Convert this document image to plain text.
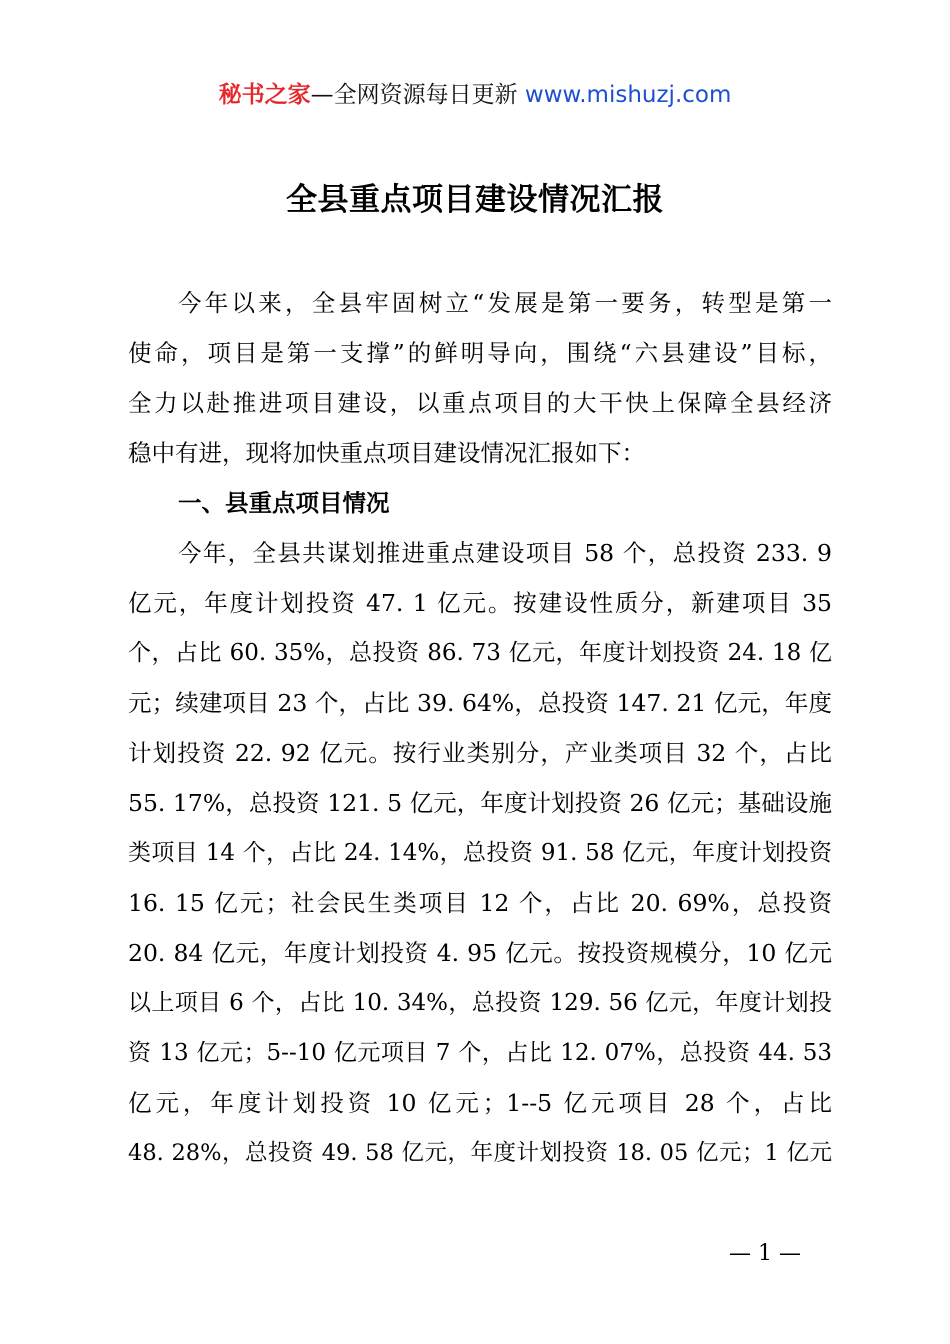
秘书之家—全网资源每日更新 www.mishuzj.com
全县重点项目建设情况汇报
今年以来，全县牢固树立“发展是第一要务，转型是第一
使命，项目是第一支撑”的鲜明导向，围绕“六县建设”目标，
全力以赴推进项目建设，以重点项目的大干快上保障全县经济
稳中有进，现将加快重点项目建设情况汇报如下：
一、县重点项目情况
今年，全县共谋划推进重点建设项目 58 个，总投资 233. 9
亿元，年度计划投资 47. 1 亿元。按建设性质分，新建项目 35
个，占比 60. 35%，总投资 86. 73 亿元，年度计划投资 24. 18 亿
元；续建项目 23 个，占比 39. 64%，总投资 147. 21 亿元，年度
计划投资 22. 92 亿元。按行业类别分，产业类项目 32 个，占比
55. 17%，总投资 121. 5 亿元，年度计划投资 26 亿元；基础设施
类项目 14 个，占比 24. 14%，总投资 91. 58 亿元，年度计划投资
16. 15 亿元；社会民生类项目 12 个，占比 20. 69%，总投资
20. 84 亿元，年度计划投资 4. 95 亿元。按投资规模分，10 亿元
以上项目 6 个，占比 10. 34%，总投资 129. 56 亿元，年度计划投
资 13 亿元；5--10 亿元项目 7 个，占比 12. 07%，总投资 44. 53
亿元，年度计划投资 10 亿元；1--5 亿元项目 28 个，占比
48. 28%，总投资 49. 58 亿元，年度计划投资 18. 05 亿元；1 亿元
— 1 —
